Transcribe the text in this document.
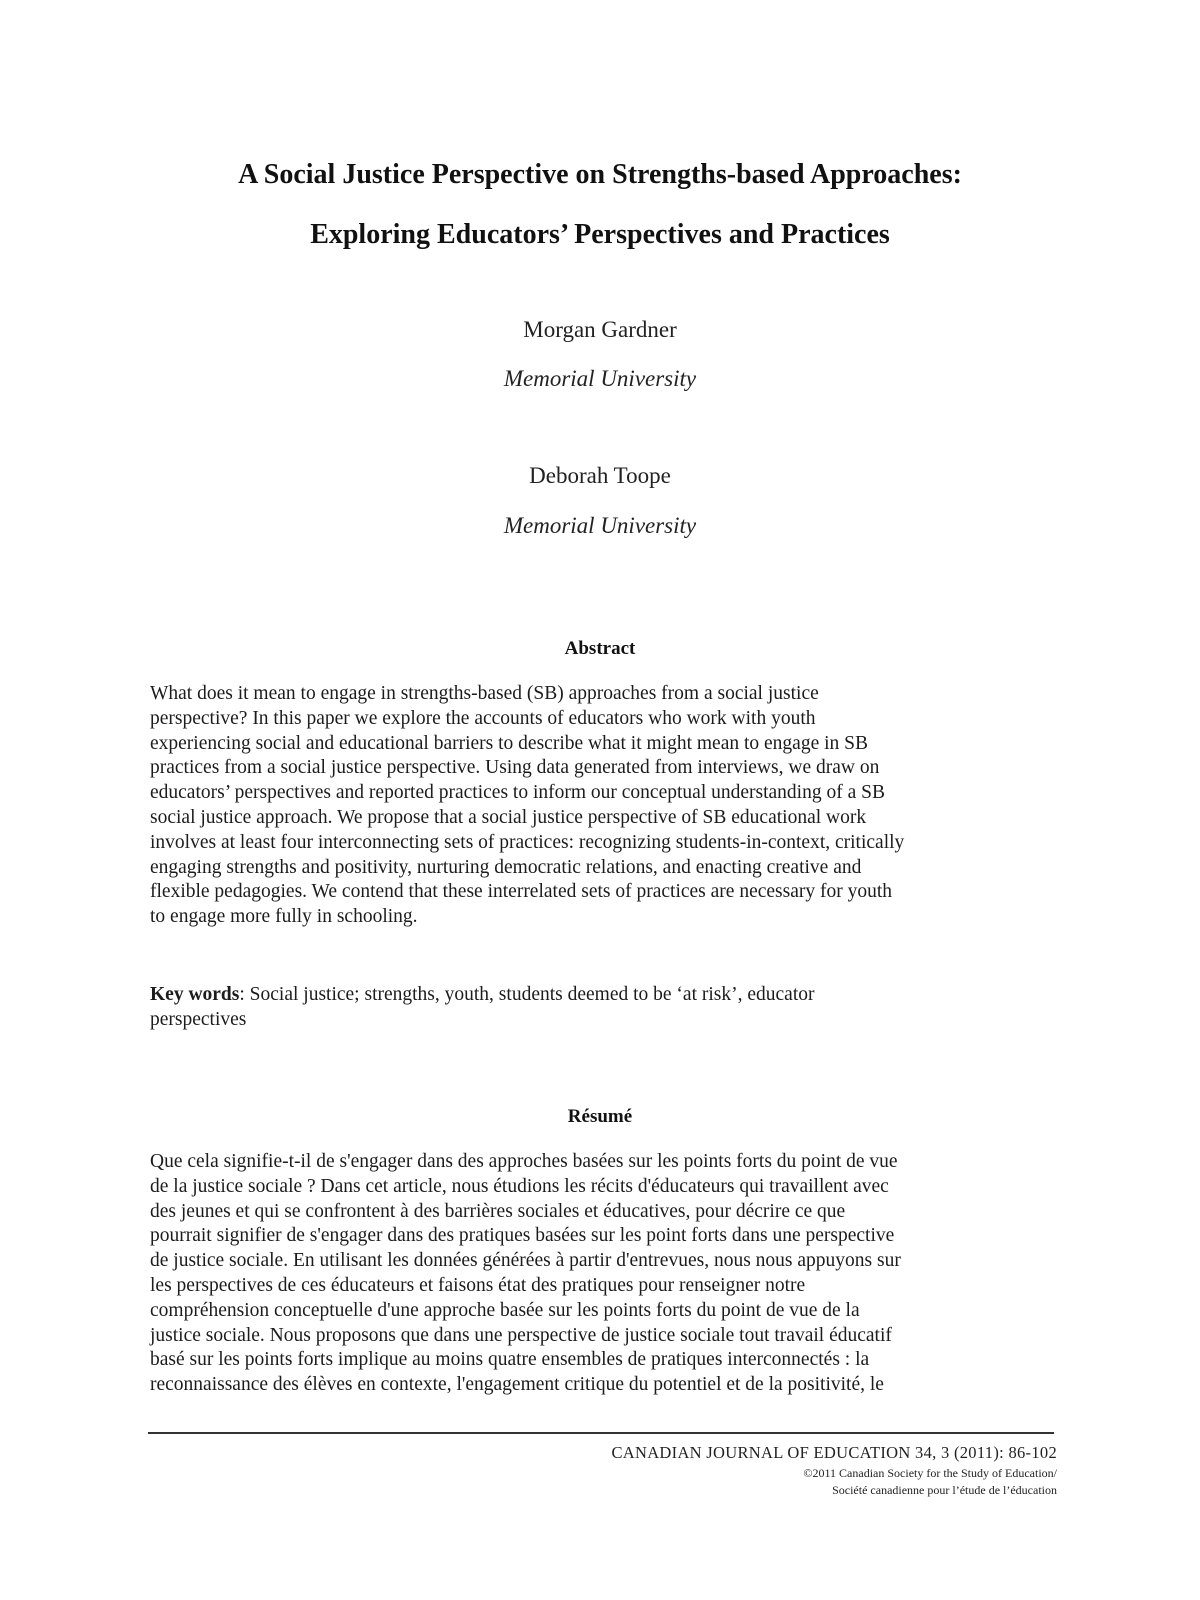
A Social Justice Perspective on Strengths-based Approaches:
Exploring Educators’ Perspectives and Practices
Morgan Gardner
Memorial University
Deborah Toope
Memorial University
Abstract
What does it mean to engage in strengths-based (SB) approaches from a social justice
perspective? In this paper we explore the accounts of educators who work with youth
experiencing social and educational barriers to describe what it might mean to engage in SB
practices from a social justice perspective. Using data generated from interviews, we draw on
educators’ perspectives and reported practices to inform our conceptual understanding of a SB
social justice approach. We propose that a social justice perspective of SB educational work
involves at least four interconnecting sets of practices: recognizing students-in-context, critically
engaging strengths and positivity, nurturing democratic relations, and enacting creative and
flexible pedagogies. We contend that these interrelated sets of practices are necessary for youth
to engage more fully in schooling.
Key words: Social justice; strengths, youth, students deemed to be ‘at risk’, educator
perspectives
Résumé
Que cela signifie-t-il de s'engager dans des approches basées sur les points forts du point de vue
de la justice sociale ? Dans cet article, nous étudions les récits d'éducateurs qui travaillent avec
des jeunes et qui se confrontent à des barrières sociales et éducatives, pour décrire ce que
pourrait signifier de s'engager dans des pratiques basées sur les point forts dans une perspective
de justice sociale. En utilisant les données générées à partir d'entrevues, nous nous appuyons sur
les perspectives de ces éducateurs et faisons état des pratiques pour renseigner notre
compréhension conceptuelle d'une approche basée sur les points forts du point de vue de la
justice sociale. Nous proposons que dans une perspective de justice sociale tout travail éducatif
basé sur les points forts implique au moins quatre ensembles de pratiques interconnectés : la
reconnaissance des élèves en contexte, l'engagement critique du potentiel et de la positivité, le
CANADIAN JOURNAL OF EDUCATION 34, 3 (2011): 86-102
©2011 Canadian Society for the Study of Education/
Société canadienne pour l’étude de l’éducation
